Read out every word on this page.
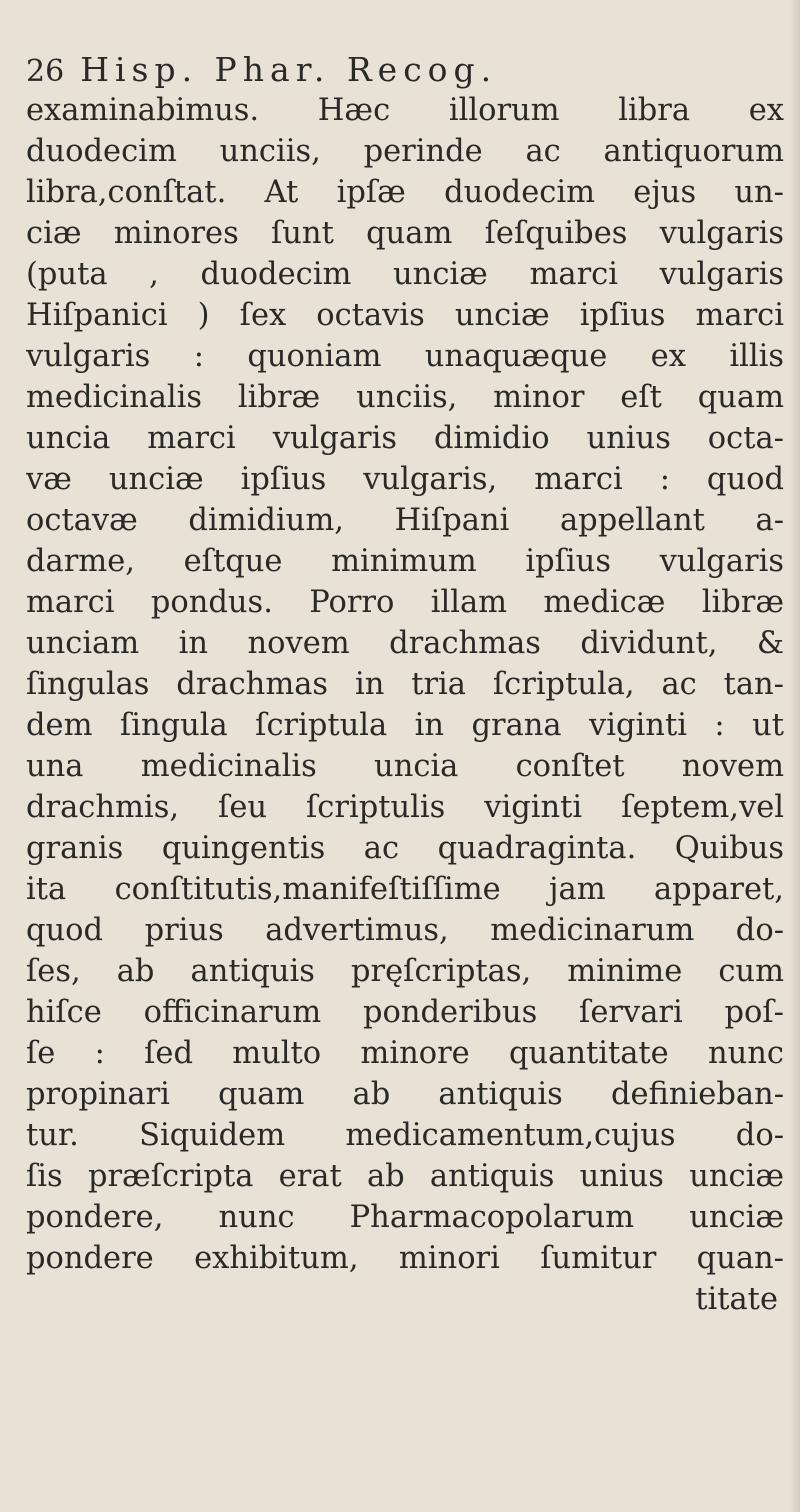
26 Hisp. Phar. Recog.
examinabimus. Hæc illorum libra ex
duodecim unciis, perinde ac antiquorum
libra,conſtat. At ipſæ duodecim ejus un-
ciæ minores ſunt quam ſeſquibes vulgaris
(puta , duodecim unciæ marci vulgaris
Hiſpanici ) ſex octavis unciæ ipſius marci
vulgaris : quoniam unaquæque ex illis
medicinalis libræ unciis, minor eſt quam
uncia marci vulgaris dimidio unius octa-
væ unciæ ipſius vulgaris, marci : quod
octavæ dimidium, Hiſpani appellant a-
darme, eſtque minimum ipſius vulgaris
marci pondus. Porro illam medicæ libræ
unciam in novem drachmas dividunt, &
ſingulas drachmas in tria ſcriptula, ac tan-
dem ſingula ſcriptula in grana viginti : ut
una medicinalis uncia conſtet novem
drachmis, ſeu ſcriptulis viginti ſeptem,vel
granis quingentis ac quadraginta. Quibus
ita conſtitutis,manifeſtiſſime jam apparet,
quod prius advertimus, medicinarum do-
ſes, ab antiquis pręſcriptas, minime cum
hiſce officinarum ponderibus ſervari poſ-
ſe : ſed multo minore quantitate nunc
propinari quam ab antiquis definieban-
tur. Siquidem medicamentum,cujus do-
ſis præſcripta erat ab antiquis unius unciæ
pondere, nunc Pharmacopolarum unciæ
pondere exhibitum, minori ſumitur quan-
titate
